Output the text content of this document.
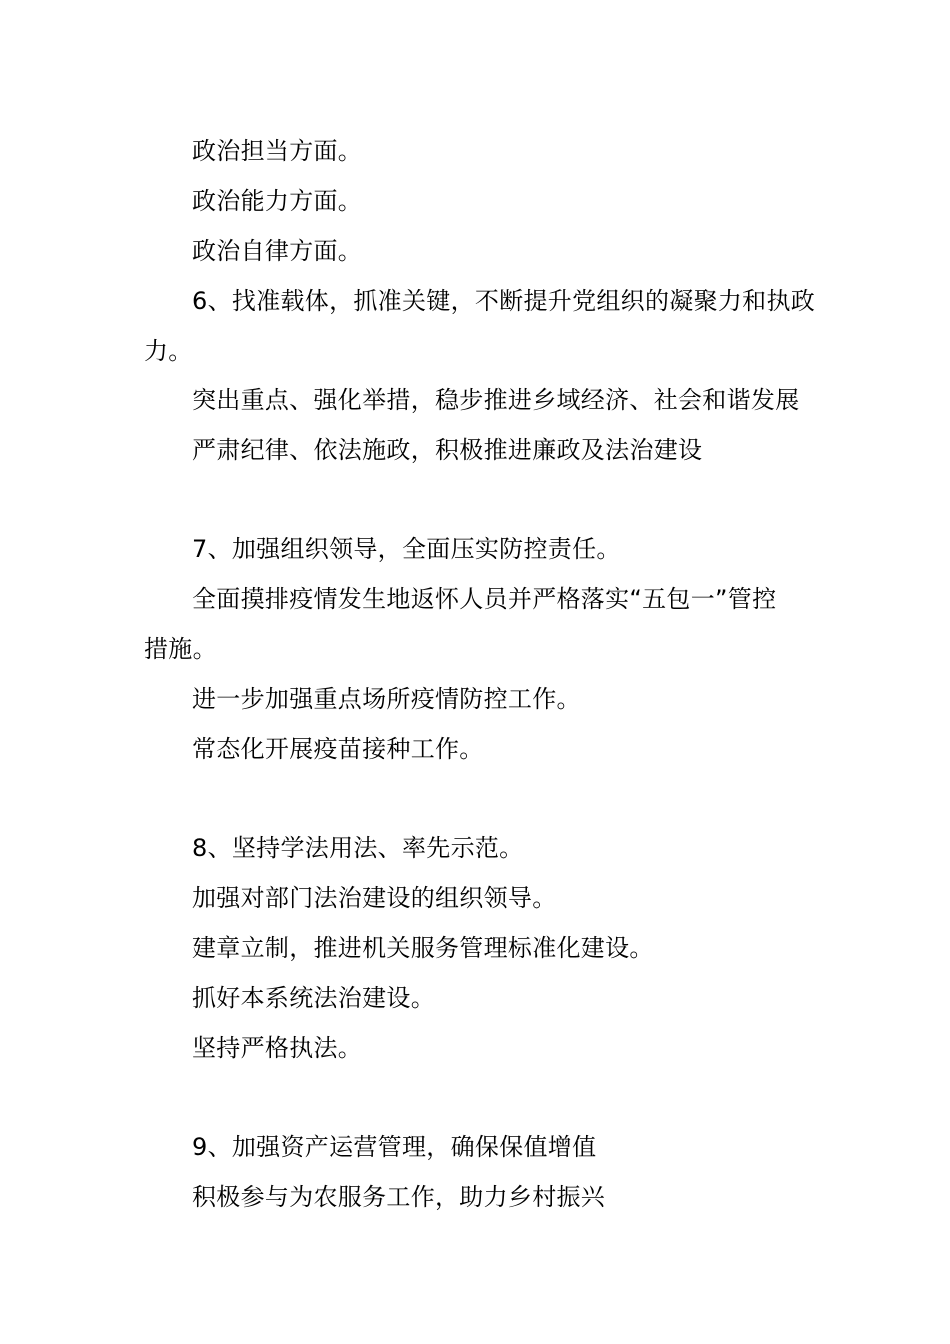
政治担当方面。
政治能力方面。
政治自律方面。
6、找准载体，抓准关键，不断提升党组织的凝聚力和执政
力。
突出重点、强化举措，稳步推进乡域经济、社会和谐发展
严肃纪律、依法施政，积极推进廉政及法治建设
7、加强组织领导，全面压实防控责任。
全面摸排疫情发生地返怀人员并严格落实“五包一”管控
措施。
进一步加强重点场所疫情防控工作。
常态化开展疫苗接种工作。
8、坚持学法用法、率先示范。
加强对部门法治建设的组织领导。
建章立制，推进机关服务管理标准化建设。
抓好本系统法治建设。
坚持严格执法。
9、加强资产运营管理，确保保值增值
积极参与为农服务工作，助力乡村振兴
